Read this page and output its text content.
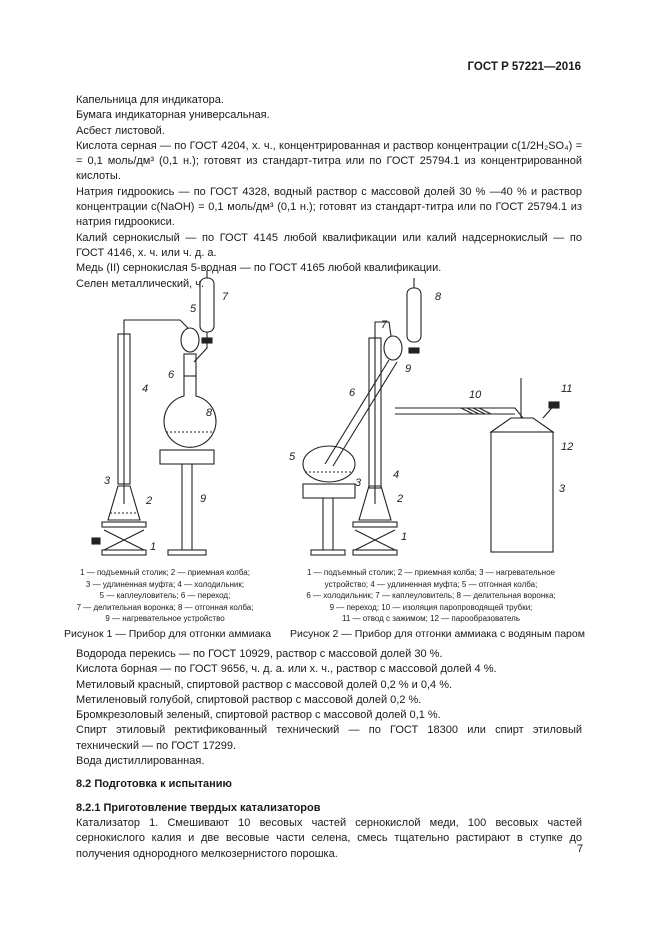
ГОСТ Р 57221—2016

Капельница для индикатора.

Бумага индикаторная универсальная.

Асбест листовой.

Кислота серная — по ГОСТ 4204, х. ч., концентрированная и раствор концентрации c(1/2H₂SO₄) = = 0,1 моль/дм³ (0,1 н.); готовят из стандарт-титра или по ГОСТ 25794.1 из концентрированной кислоты.

Натрия гидроокись — по ГОСТ 4328, водный раствор с массовой долей 30 % —40 % и раствор концентрации c(NaOH) = 0,1 моль/дм³ (0,1 н.); готовят из стандарт-титра или по ГОСТ 25794.1 из натрия гидроокиси.

Калий сернокислый — по ГОСТ 4145 любой квалификации или калий надсернокислый — по ГОСТ 4146, х. ч. или ч. д. а.

Медь (II) сернокислая 5-водная — по ГОСТ 4165 любой квалификации.

Селен металлический, ч.

1
2
3
4
5
6
7
8
9
1 — подъемный столик; 2 — приемная колба;
3 — удлиненная муфта; 4 — холодильник;
5 — каплеуловитель; 6 — переход;
7 — делительная воронка; 8 — отгонная колба;
9 — нагревательное устройство
Рисунок 1 — Прибор для отгонки аммиака
1
2
3
4
5
6
7
8
9
10	11
12
3
1 — подъемный столик; 2 — приемная колба; 3 — нагревательное
устройство; 4 — удлиненная муфта; 5 — отгонная колба;
6 — холодильник; 7 — каплеуловитель; 8 — делительная воронка;
9 — переход; 10 — изоляция паропроводящей трубки;
11 — отвод с зажимом; 12 — парообразователь
Рисунок 2 — Прибор для отгонки аммиака с водяным паром

Водорода перекись — по ГОСТ 10929, раствор с массовой долей 30 %.

Кислота борная — по ГОСТ 9656, ч. д. а. или х. ч., раствор с массовой долей 4 %.

Метиловый красный, спиртовой раствор с массовой долей 0,2 % и 0,4 %.

Метиленовый голубой, спиртовой раствор с массовой долей 0,2 %.

Бромкрезоловый зеленый, спиртовой раствор с массовой долей 0,1 %.

Спирт этиловый ректификованный технический — по ГОСТ 18300 или спирт этиловый технический — по ГОСТ 17299.

Вода дистиллированная.

8.2 Подготовка к испытанию

8.2.1 Приготовление твердых катализаторов

Катализатор 1. Смешивают 10 весовых частей сернокислой меди, 100 весовых частей сернокислого калия и две весовые части селена, смесь тщательно растирают в ступке до получения однородного мелкозернистого порошка.	7
